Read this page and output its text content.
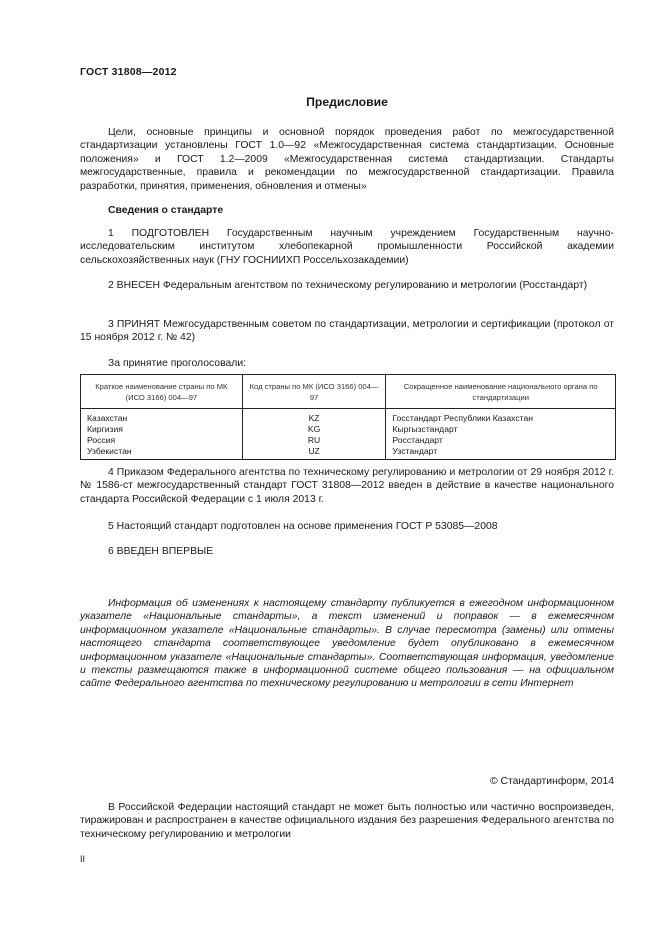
ГОСТ 31808—2012
Предисловие
Цели, основные принципы и основной порядок проведения работ по межгосударственной стандартизации установлены ГОСТ 1.0—92 «Межгосударственная система стандартизации. Основные положения» и ГОСТ 1.2—2009 «Межгосударственная система стандартизации. Стандарты межгосударственные, правила и рекомендации по межгосударственной стандартизации. Правила разработки, принятия, применения, обновления и отмены»
Сведения о стандарте
1 ПОДГОТОВЛЕН Государственным научным учреждением Государственным научно-исследовательским институтом хлебопекарной промышленности Российской академии сельскохозяйственных наук (ГНУ ГОСНИИХП Россельхозакадемии)
2 ВНЕСЕН Федеральным агентством по техническому регулированию и метрологии (Росстандарт)
3 ПРИНЯТ Межгосударственным советом по стандартизации, метрологии и сертификации (протокол от 15 ноября 2012 г. № 42)
За принятие проголосовали:
Краткое наименование страны по МК (ИСО 3166) 004—97	Код страны по МК (ИСО 3166) 004—97	Сокращенное наименование национального органа по стандартизации
Казахстан	KZ	Госстандарт Республики Казахстан
Киргизия	KG	Кыргызстандарт
Россия	RU	Росстандарт
Узбекистан	UZ	Узстандарт
4 Приказом Федерального агентства по техническому регулированию и метрологии от 29 ноября 2012 г. № 1586-ст межгосударственный стандарт ГОСТ 31808—2012 введен в действие в качестве национального стандарта Российской Федерации с 1 июля 2013 г.
5 Настоящий стандарт подготовлен на основе применения ГОСТ Р 53085—2008
6 ВВЕДЕН ВПЕРВЫЕ
Информация об изменениях к настоящему стандарту публикуется в ежегодном информационном указателе «Национальные стандарты», а текст изменений и поправок — в ежемесячном информационном указателе «Национальные стандарты». В случае пересмотра (замены) или отмены настоящего стандарта соответствующее уведомление будет опубликовано в ежемесячном информационном указателе «Национальные стандарты». Соответствующая информация, уведомление и тексты размещаются также в информационной системе общего пользования — на официальном сайте Федерального агентства по техническому регулированию и метрологии в сети Интернет
© Стандартинформ, 2014
В Российской Федерации настоящий стандарт не может быть полностью или частично воспроизведен, тиражирован и распространен в качестве официального издания без разрешения Федерального агентства по техническому регулированию и метрологии
II
